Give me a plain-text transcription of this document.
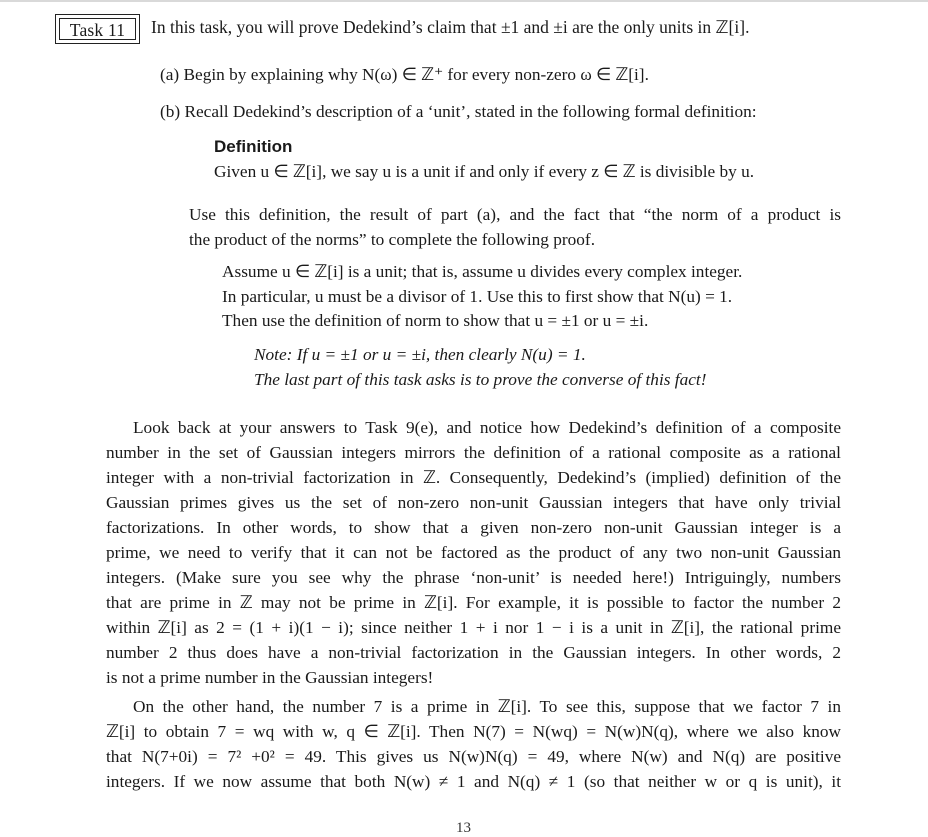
Task 11	In this task, you will prove Dedekind’s claim that ±1 and ±i are the only units in ℤ[i].
(a) Begin by explaining why N(ω) ∈ ℤ⁺ for every non-zero ω ∈ ℤ[i].
(b) Recall Dedekind’s description of a ‘unit’, stated in the following formal definition:
Definition
Given u ∈ ℤ[i], we say u is a unit if and only if every z ∈ ℤ is divisible by u.
Use this definition, the result of part (a), and the fact that “the norm of a product is
the product of the norms” to complete the following proof.
Assume u ∈ ℤ[i] is a unit; that is, assume u divides every complex integer.
In particular, u must be a divisor of 1. Use this to first show that N(u) = 1.
Then use the definition of norm to show that u = ±1 or u = ±i.
Note: If u = ±1 or u = ±i, then clearly N(u) = 1.
The last part of this task asks is to prove the converse of this fact!
Look back at your answers to Task 9(e), and notice how Dedekind’s definition of a composite
number in the set of Gaussian integers mirrors the definition of a rational composite as a rational
integer with a non-trivial factorization in ℤ. Consequently, Dedekind’s (implied) definition of the
Gaussian primes gives us the set of non-zero non-unit Gaussian integers that have only trivial
factorizations. In other words, to show that a given non-zero non-unit Gaussian integer is a
prime, we need to verify that it can not be factored as the product of any two non-unit Gaussian
integers. (Make sure you see why the phrase ‘non-unit’ is needed here!) Intriguingly, numbers
that are prime in ℤ may not be prime in ℤ[i]. For example, it is possible to factor the number 2
within ℤ[i] as 2 = (1 + i)(1 − i); since neither 1 + i nor 1 − i is a unit in ℤ[i], the rational prime
number 2 thus does have a non-trivial factorization in the Gaussian integers. In other words, 2
is not a prime number in the Gaussian integers!
On the other hand, the number 7 is a prime in ℤ[i]. To see this, suppose that we factor 7 in
ℤ[i] to obtain 7 = wq with w, q ∈ ℤ[i]. Then N(7) = N(wq) = N(w)N(q), where we also know
that N(7+0i) = 7² +0² = 49. This gives us N(w)N(q) = 49, where N(w) and N(q) are positive
integers. If we now assume that both N(w) ≠ 1 and N(q) ≠ 1 (so that neither w or q is unit), it
13
